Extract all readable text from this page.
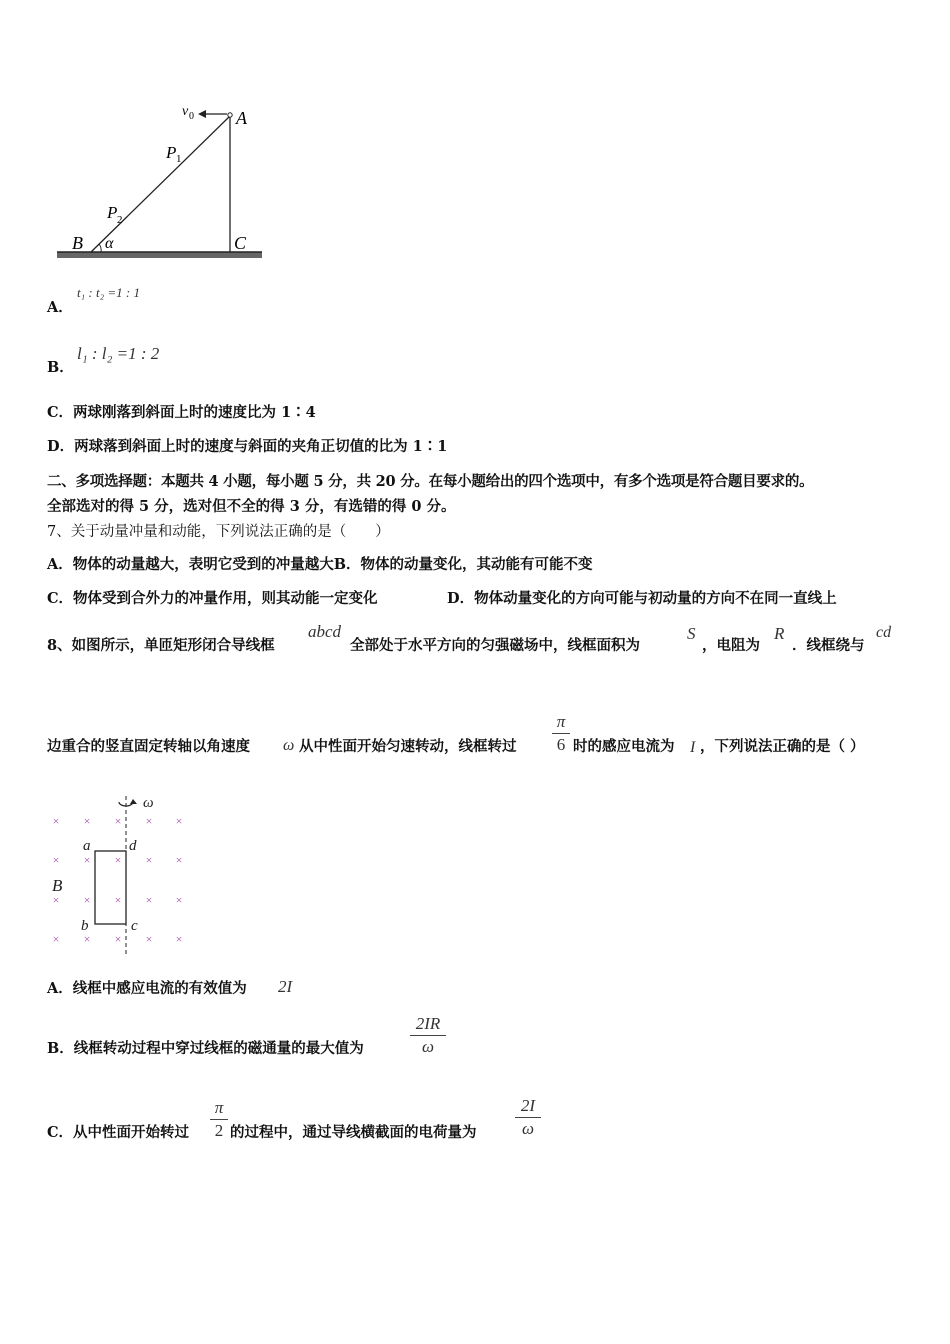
v 0 A
P 1
P 2
B α	C
A．
t₁ : t₂ =1 : 1
B．
l₁ : l₂ =1 : 2
C．两球刚落到斜面上时的速度比为 1∶4
D．两球落到斜面上时的速度与斜面的夹角正切值的比为 1∶1
二、多项选择题：本题共 4 小题，每小题 5 分，共 20 分。在每小题给出的四个选项中，有多个选项是符合题目要求的。
全部选对的得 5 分，选对但不全的得 3 分，有选错的得 0 分。
7、关于动量冲量和动能，下列说法正确的是（　　）
A．物体的动量越大，表明它受到的冲量越大B．物体的动量变化，其动能有可能不变
C．物体受到合外力的冲量作用，则其动能一定变化	D．物体动量变化的方向可能与初动量的方向不在同一直线上
8、如图所示，单匝矩形闭合导线框
abcd
全部处于水平方向的匀强磁场中，线框面积为
S
，电阻为
R
．线框绕与
cd
边重合的竖直固定转轴以角速度 ω 从中性面开始匀速转动，线框转过
π
6 时的感应电流为 I ，下列说法正确的是（ ）
× × × × ×
× × × × ×
× × × × ×
× × × × ×
ω
a	d
B
b	c
A．线框中感应电流的有效值为 2I
B．线框转动过程中穿过线框的磁通量的最大值为
2IR
ω
C．从中性面开始转过
π
2 的过程中，通过导线横截面的电荷量为
2I
ω
